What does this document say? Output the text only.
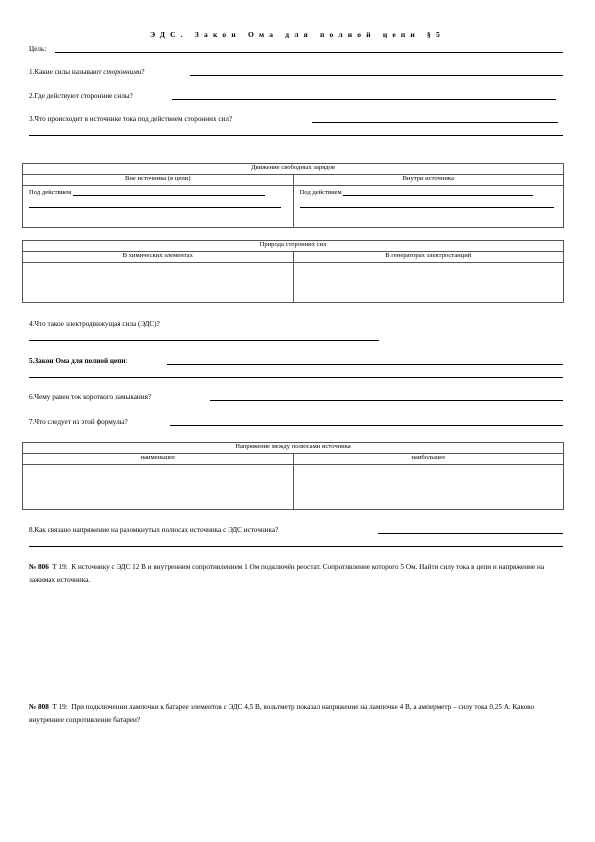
ЭДС. Закон Ома для полной цепи §5
Цель:
1.Какие силы называют сторонними?
2.Где действуют сторонние силы?
3.Что происходит в источнике тока под действием сторонних сил?
Движение свободных зарядов	
Вне источника (в цепи)	Внутри источника

Под действием	Под действием
Природа сторонних сил	
В химических элементах	В генераторах электростанций

4.Что такое электродвижущая сила (ЭДС)?
5.Закон Ома для полной цепи:
6.Чему равен ток короткого замыкания?
7.Что следует из этой формулы?
Напряжение между полюсами источника	
наименьшее	наибольшее

8.Как связано напряжение на разомкнутых полюсах источника с ЭДС источника?
№ 806 Т 19: К источнику с ЭДС 12 В и внутренним сопротивлением 1 Ом подключён реостат. Сопротивление которого 5 Ом. Найти силу тока в цепи и напряжение на зажимах источника.
№ 808 Т 19: При подключении лампочки к батарее элементов с ЭДС 4,5 В, вольтметр показал напряжение на лампочке 4 В, а амперметр – силу тока 0,25 А. Каково внутреннее сопротивление батареи?
